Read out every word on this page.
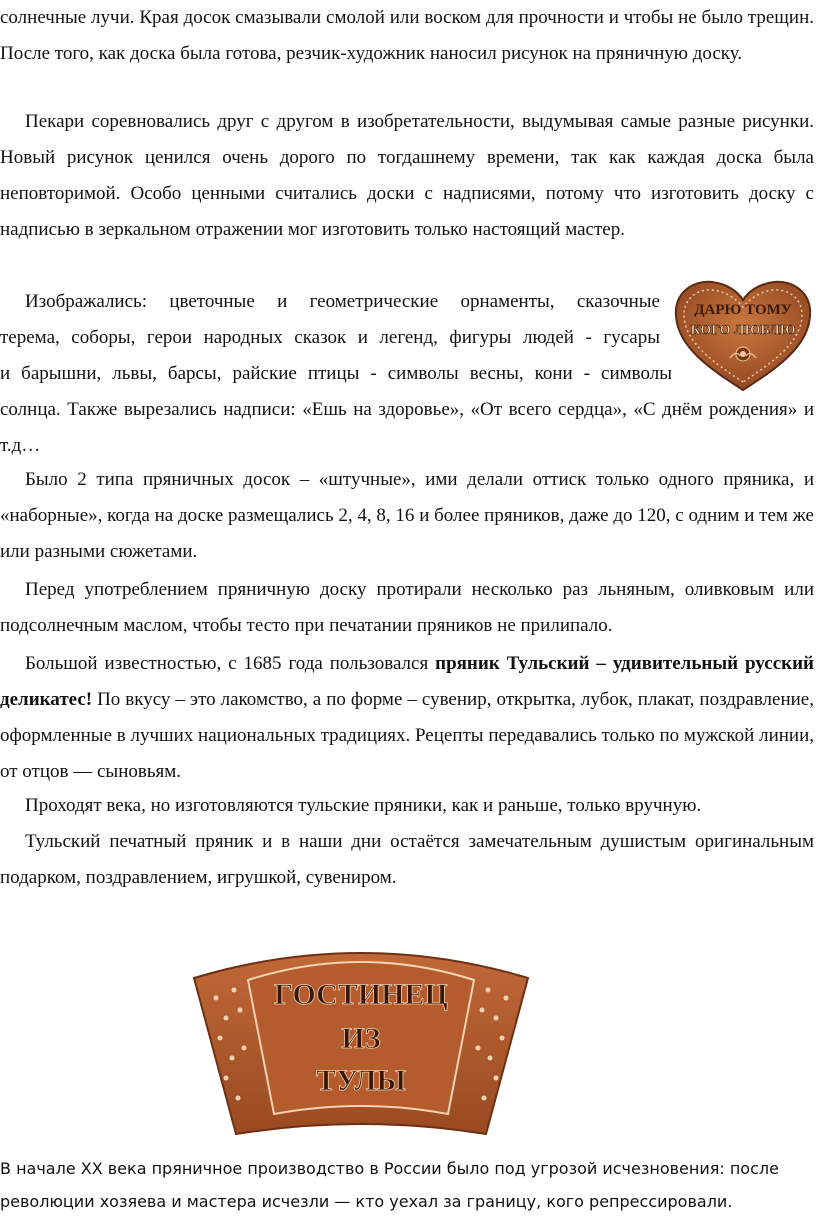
солнечные лучи. Края досок смазывали смолой или воском для прочности и чтобы не было трещин. После того, как доска была готова, резчик-художник наносил рисунок на пряничную доску.

Пекари соревновались друг с другом в изобретательности, выдумывая самые разные рисунки. Новый рисунок ценился очень дорого по тогдашнему времени, так как каждая доска была неповторимой. Особо ценными считались доски с надписями, потому что изготовить доску с надписью в зеркальном отражении мог изготовить только настоящий мастер.

Изображались: цветочные и геометрические орнаменты, сказочные

терема, соборы, герои народных сказок и легенд, фигуры людей - гусары

и барышни, львы, барсы, райские птицы - символы весны, кони - символы

солнца. Также вырезались надписи: «Ешь на здоровье», «От всего сердца», «С днём рождения» и т.д…

Было 2 типа пряничных досок – «штучные», ими делали оттиск только одного пряника, и «наборные», когда на доске размещались 2, 4, 8, 16 и более пряников, даже до 120, с одним и тем же или разными сюжетами.

Перед употреблением пряничную доску протирали несколько раз льняным, оливковым или подсолнечным маслом, чтобы тесто при печатании пряников не прилипало.

Большой известностью, с 1685 года пользовался пряник Тульский – удивительный русский деликатес! По вкусу – это лакомство, а по форме – сувенир, открытка, лубок, плакат, поздравление, оформленные в лучших национальных традициях. Рецепты передавались только по мужской линии, от отцов — сыновьям.

Проходят века, но изготовляются тульские пряники, как и раньше, только вручную.

Тульский печатный пряник и в наши дни остаётся замечательным душистым оригинальным подарком, поздравлением, игрушкой, сувениром.

ДАРЮ ТОМУ
КОГО ЛЮБЛЮ
ГОСТИНЕЦ
ИЗ
ТУЛЫ
В начале XX века пряничное производство в России было под угрозой исчезновения: после революции хозяева и мастера исчезли — кто уехал за границу, кого репрессировали.
